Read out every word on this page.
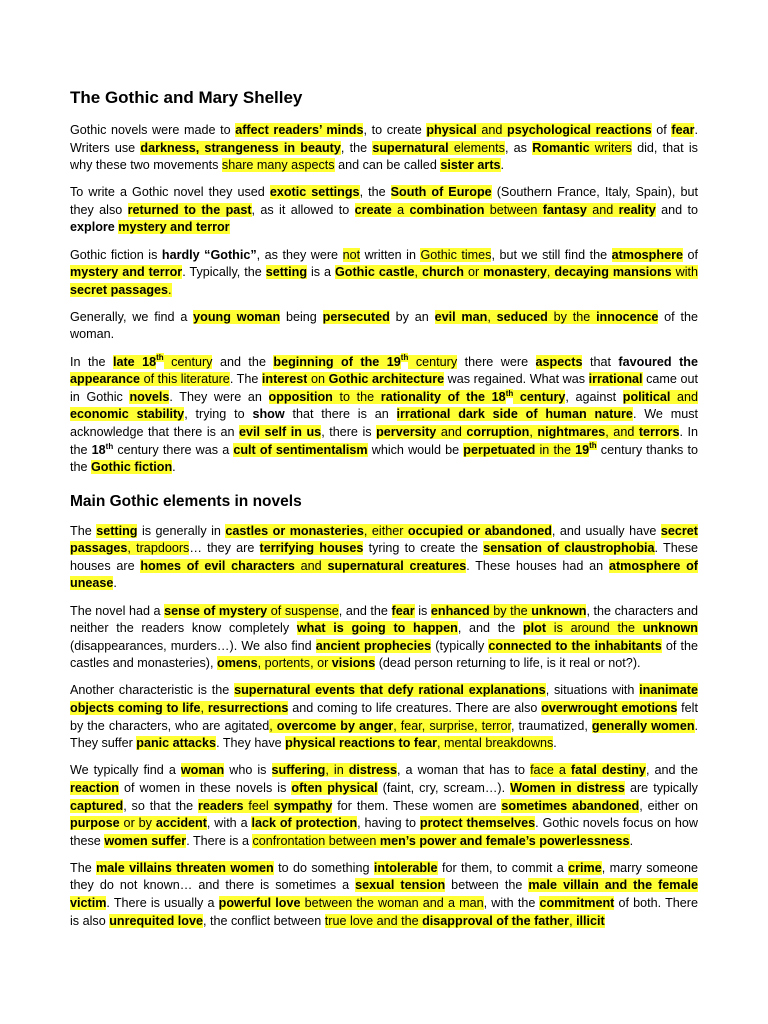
The Gothic and Mary Shelley

Gothic novels were made to affect readers’ minds, to create physical and psychological reactions of fear. Writers use darkness, strangeness in beauty, the supernatural elements, as Romantic writers did, that is why these two movements share many aspects and can be called sister arts.

To write a Gothic novel they used exotic settings, the South of Europe (Southern France, Italy, Spain), but they also returned to the past, as it allowed to create a combination between fantasy and reality and to explore mystery and terror

Gothic fiction is hardly “Gothic”, as they were not written in Gothic times, but we still find the atmosphere of mystery and terror. Typically, the setting is a Gothic castle, church or monastery, decaying mansions with secret passages.

Generally, we find a young woman being persecuted by an evil man, seduced by the innocence of the woman.

In the late 18th century and the beginning of the 19th century there were aspects that favoured the appearance of this literature. The interest on Gothic architecture was regained. What was irrational came out in Gothic novels. They were an opposition to the rationality of the 18th century, against political and economic stability, trying to show that there is an irrational dark side of human nature. We must acknowledge that there is an evil self in us, there is perversity and corruption, nightmares, and terrors. In the 18th century there was a cult of sentimentalism which would be perpetuated in the 19th century thanks to the Gothic fiction.

Main Gothic elements in novels

The setting is generally in castles or monasteries, either occupied or abandoned, and usually have secret passages, trapdoors… they are terrifying houses tyring to create the sensation of claustrophobia. These houses are homes of evil characters and supernatural creatures. These houses had an atmosphere of unease.

The novel had a sense of mystery of suspense, and the fear is enhanced by the unknown, the characters and neither the readers know completely what is going to happen, and the plot is around the unknown (disappearances, murders…). We also find ancient prophecies (typically connected to the inhabitants of the castles and monasteries), omens, portents, or visions (dead person returning to life, is it real or not?).

Another characteristic is the supernatural events that defy rational explanations, situations with inanimate objects coming to life, resurrections and coming to life creatures. There are also overwrought emotions felt by the characters, who are agitated, overcome by anger, fear, surprise, terror, traumatized, generally women. They suffer panic attacks. They have physical reactions to fear, mental breakdowns.

We typically find a woman who is suffering, in distress, a woman that has to face a fatal destiny, and the reaction of women in these novels is often physical (faint, cry, scream…). Women in distress are typically captured, so that the readers feel sympathy for them. These women are sometimes abandoned, either on purpose or by accident, with a lack of protection, having to protect themselves. Gothic novels focus on how these women suffer. There is a confrontation between men’s power and female’s powerlessness.

The male villains threaten women to do something intolerable for them, to commit a crime, marry someone they do not known… and there is sometimes a sexual tension between the male villain and the female victim. There is usually a powerful love between the woman and a man, with the commitment of both. There is also unrequited love, the conflict between true love and the disapproval of the father, illicit
